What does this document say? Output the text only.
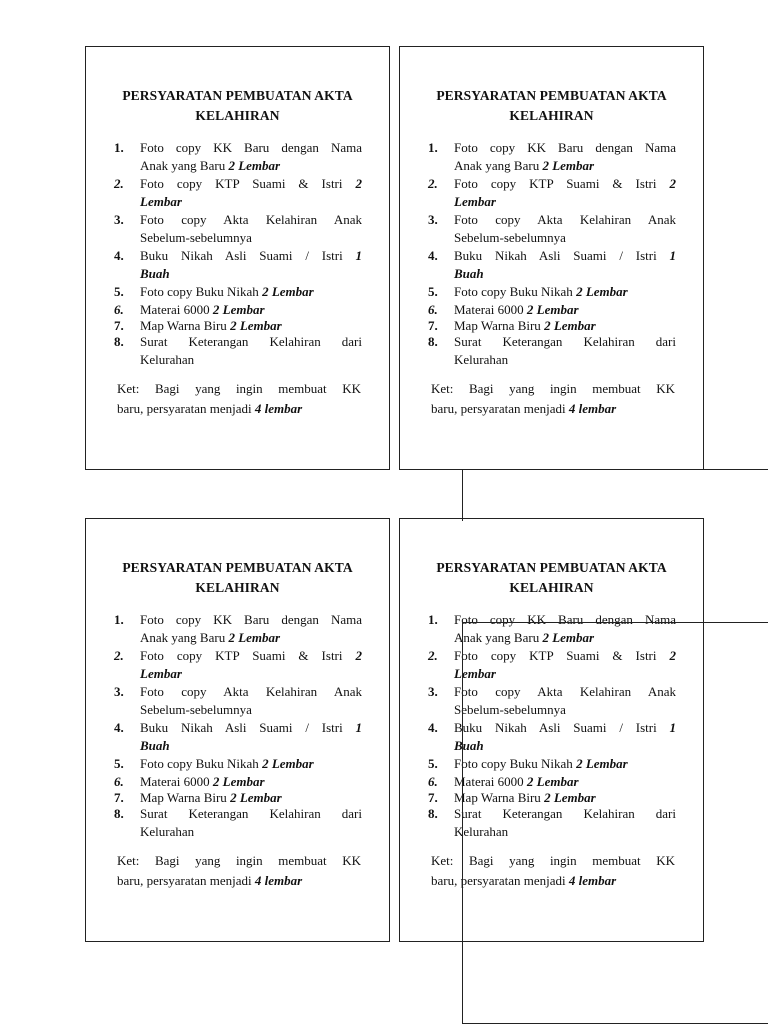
PERSYARATAN PEMBUATAN AKTA
KELAHIRAN
1.	Foto copy KK Baru dengan Nama
Anak yang Baru 2 Lembar
2.	Foto copy KTP Suami & Istri 2
Lembar
3.	Foto copy Akta Kelahiran Anak
Sebelum-sebelumnya
4.	Buku Nikah Asli Suami / Istri 1
Buah
5.	Foto copy Buku Nikah 2 Lembar
6.	Materai 6000 2 Lembar
7.	Map Warna Biru 2 Lembar
8.	Surat Keterangan Kelahiran dari
Kelurahan
Ket: Bagi yang ingin membuat KK
baru, persyaratan menjadi 4 lembar
PERSYARATAN PEMBUATAN AKTA
KELAHIRAN
1.	Foto copy KK Baru dengan Nama
Anak yang Baru 2 Lembar
2.	Foto copy KTP Suami & Istri 2
Lembar
3.	Foto copy Akta Kelahiran Anak
Sebelum-sebelumnya
4.	Buku Nikah Asli Suami / Istri 1
Buah
5.	Foto copy Buku Nikah 2 Lembar
6.	Materai 6000 2 Lembar
7.	Map Warna Biru 2 Lembar
8.	Surat Keterangan Kelahiran dari
Kelurahan
Ket: Bagi yang ingin membuat KK
baru, persyaratan menjadi 4 lembar
PERSYARATAN PEMBUATAN AKTA
KELAHIRAN
1.	Foto copy KK Baru dengan Nama
Anak yang Baru 2 Lembar
2.	Foto copy KTP Suami & Istri 2
Lembar
3.	Foto copy Akta Kelahiran Anak
Sebelum-sebelumnya
4.	Buku Nikah Asli Suami / Istri 1
Buah
5.	Foto copy Buku Nikah 2 Lembar
6.	Materai 6000 2 Lembar
7.	Map Warna Biru 2 Lembar
8.	Surat Keterangan Kelahiran dari
Kelurahan
Ket: Bagi yang ingin membuat KK
baru, persyaratan menjadi 4 lembar
PERSYARATAN PEMBUATAN AKTA
KELAHIRAN
1.	Foto copy KK Baru dengan Nama
Anak yang Baru 2 Lembar
2.	Foto copy KTP Suami & Istri 2
Lembar
3.	Foto copy Akta Kelahiran Anak
Sebelum-sebelumnya
4.	Buku Nikah Asli Suami / Istri 1
Buah
5.	Foto copy Buku Nikah 2 Lembar
6.	Materai 6000 2 Lembar
7.	Map Warna Biru 2 Lembar
8.	Surat Keterangan Kelahiran dari
Kelurahan
Ket: Bagi yang ingin membuat KK
baru, persyaratan menjadi 4 lembar
